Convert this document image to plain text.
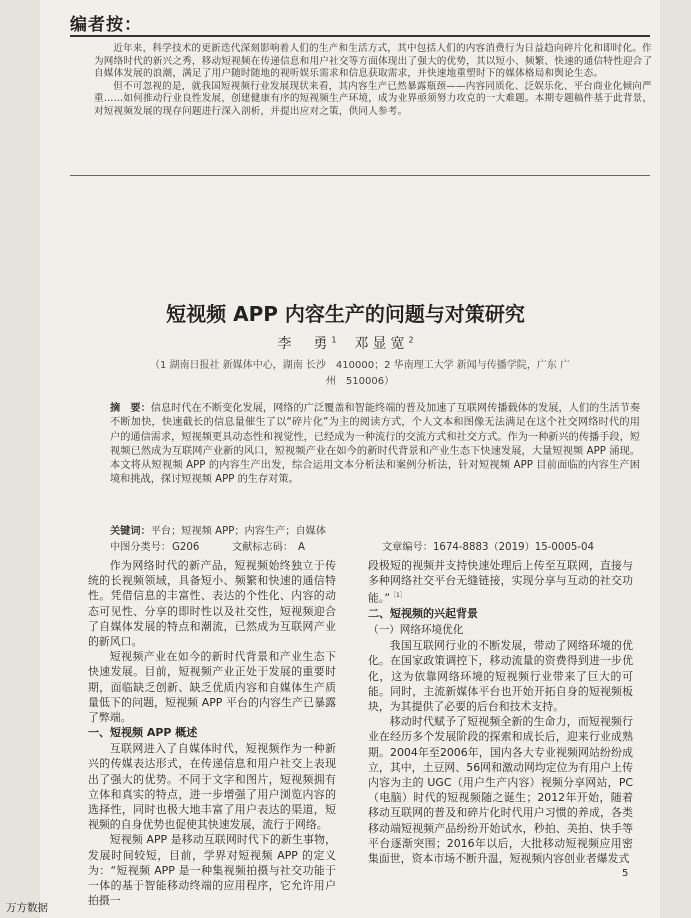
编者按：

近年来，科学技术的更新迭代深刻影响着人们的生产和生活方式，其中包括人们的内容消费行为日益趋向碎片化和即时化。作为网络时代的新兴之秀，移动短视频在传递信息和用户社交等方面体现出了强大的优势，其以短小、频繁、快速的通信特性迎合了自媒体发展的浪潮，满足了用户随时随地的视听娱乐需求和信息获取需求，并快速地重塑时下的媒体格局和舆论生态。

但不可忽视的是，就我国短视频行业发展现状来看，其内容生产已然暴露瓶颈——内容同质化、泛娱乐化、平台商业化倾向严重……如何推动行业良性发展，创建健康有序的短视频生产环境，成为业界亟须努力攻克的一大难题。本期专题稿件基于此背景，对短视频发展的现存问题进行深入剖析，并提出应对之策，供同人参考。

短视频 APP 内容生产的问题与对策研究
李　勇$^1$　 邓显宽$^2$
（1 湖南日报社 新媒体中心，湖南 长沙　410000；2 华南理工大学 新闻与传播学院，广东 广
州　510006）
摘　要：信息时代在不断变化发展，网络的广泛覆盖和智能终端的普及加速了互联网传播载体的发展，人们的生活节奏不断加快，快速截长的信息量催生了以“碎片化”为主的阅读方式，个人文本和图像无法满足在这个社交网络时代的用户的通信需求，短视频更具动态性和视觉性，已经成为一种流行的交流方式和社交方式。作为一种新兴的传播手段，短视频已然成为互联网产业新的风口，短视频产业在如今的新时代背景和产业生态下快速发展，大量短视频 APP 涌现。本文将从短视频 APP 的内容生产出发，综合运用文本分析法和案例分析法，针对短视频 APP 目前面临的内容生产困境和挑战，探讨短视频 APP 的生存对策。
关键词：平台；短视频 APP；内容生产；自媒体
中图分类号：G206	文献标志码： A	文章编号：1674-8883（2019）15-0005-04

作为网络时代的新产品，短视频始终独立于传统的长视频领域，具备短小、频繁和快速的通信特性。凭借信息的丰富性、表达的个性化、内容的动态可见性、分享的即时性以及社交性，短视频迎合了自媒体发展的特点和潮流，已然成为互联网产业的新风口。

短视频产业在如今的新时代背景和产业生态下快速发展。目前，短视频产业正处于发展的重要时期，面临缺乏创新、缺乏优质内容和自媒体生产质量低下的问题，短视频 APP 平台的内容生产已暴露了弊端。

一、短视频 APP 概述

互联网进入了自媒体时代，短视频作为一种新兴的传媒表达形式，在传递信息和用户社交上表现出了强大的优势。不同于文字和图片，短视频拥有立体和真实的特点，进一步增强了用户浏览内容的选择性，同时也极大地丰富了用户表达的渠道，短视频的自身优势也促使其快速发展，流行于网络。

短视频 APP 是移动互联网时代下的新生事物，发展时间较短，目前，学界对短视频 APP 的定义为：“短视频 APP 是一种集视频拍摄与社交功能于一体的基于智能移动终端的应用程序，它允许用户拍摄一

段极短的视频并支持快速处理后上传至互联网，直接与多种网络社交平台无缝链接，实现分享与互动的社交功能。”$^{[1]}$

二、短视频的兴起背景
（一）网络环境优化

我国互联网行业的不断发展，带动了网络环境的优化。在国家政策调控下，移动流量的资费得到进一步优化，这为依靠网络环境的短视频行业带来了巨大的可能。同时，主流新媒体平台也开始开拓自身的短视频板块，为其提供了必要的后台和技术支持。

移动时代赋予了短视频全新的生命力，而短视频行业在经历多个发展阶段的探索和成长后，迎来行业成熟期。2004年至2006年，国内各大专业视频网站纷纷成立，其中，土豆网、56网和激动网均定位为有用户上传内容为主的 UGC（用户生产内容）视频分享网站，PC（电脑）时代的短视频随之诞生；2012年开始，随着移动互联网的普及和碎片化时代用户习惯的养成，各类移动端短视频产品纷纷开始试水，秒拍、美拍、快手等平台逐渐突围；2016年以后，大批移动短视频应用密集面世，资本市场不断升温，短视频内容创业者爆发式

5
万方数据
